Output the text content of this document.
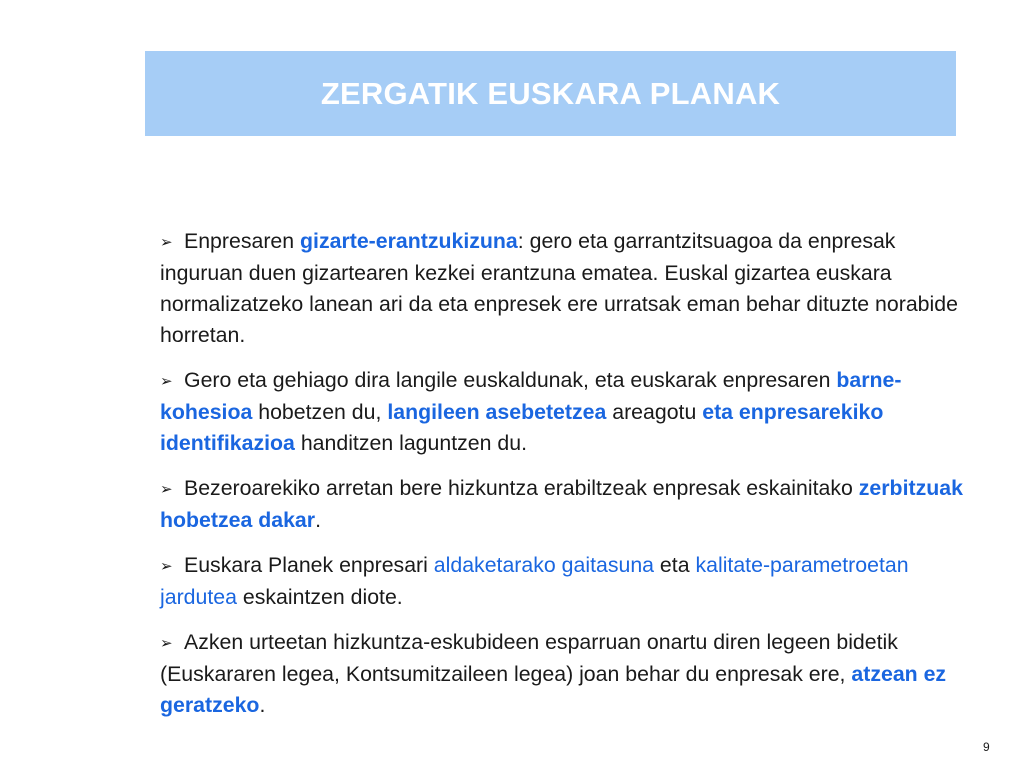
ZERGATIK EUSKARA PLANAK

➢ Enpresaren gizarte-erantzukizuna: gero eta garrantzitsuagoa da enpresak inguruan duen gizartearen kezkei erantzuna ematea. Euskal gizartea euskara normalizatzeko lanean ari da eta enpresek ere urratsak eman behar dituzte norabide horretan.

➢ Gero eta gehiago dira langile euskaldunak, eta euskarak enpresaren barne-kohesioa hobetzen du, langileen asebetetzea areagotu eta enpresarekiko identifikazioa handitzen laguntzen du.

➢ Bezeroarekiko arretan bere hizkuntza erabiltzeak enpresak eskainitako zerbitzuak hobetzea dakar.

➢ Euskara Planek enpresari aldaketarako gaitasuna eta kalitate-parametroetan jardutea eskaintzen diote.

➢ Azken urteetan hizkuntza-eskubideen esparruan onartu diren legeen bidetik (Euskararen legea, Kontsumitzaileen legea) joan behar du enpresak ere, atzean ez geratzeko.

9
